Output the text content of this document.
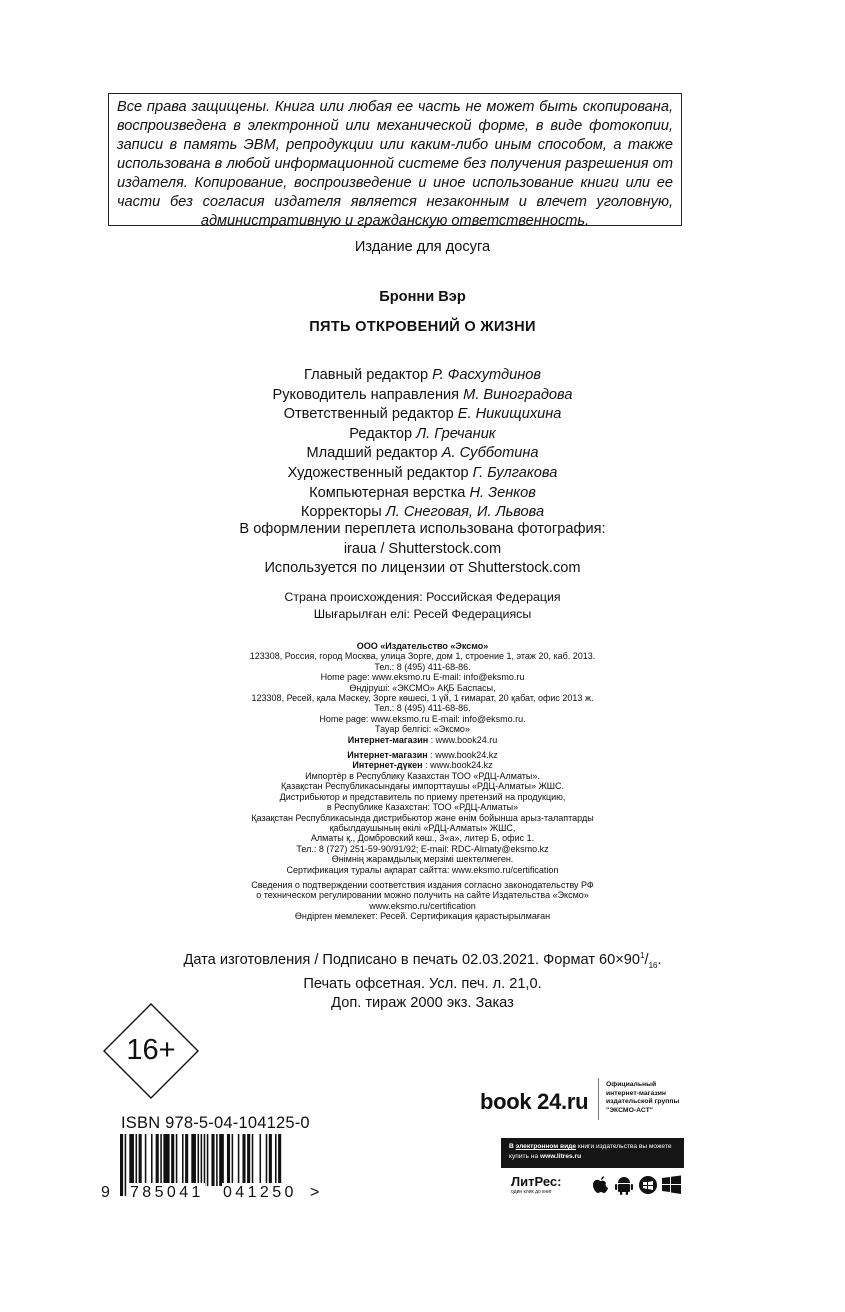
Все права защищены. Книга или любая ее часть не может быть скопирована, воспроизведена в электронной или механической форме, в виде фотокопии, записи в память ЭВМ, репродукции или каким-либо иным способом, а также использована в любой информационной системе без получения разрешения от издателя. Копирование, воспроизведение и иное использование книги или ее части без согласия издателя является незаконным и влечет уголовную, административную и гражданскую ответственность.
Издание для досуга
Бронни Вэр
ПЯТЬ ОТКРОВЕНИЙ О ЖИЗНИ
Главный редактор Р. Фасхутдинов
Руководитель направления М. Виноградова
Ответственный редактор Е. Никищихина
Редактор Л. Гречаник
Младший редактор А. Субботина
Художественный редактор Г. Булгакова
Компьютерная верстка Н. Зенков
Корректоры Л. Снеговая, И. Львова
В оформлении переплета использована фотография:
iraua / Shutterstock.com
Используется по лицензии от Shutterstock.com
Страна происхождения: Российская Федерация
Шығарылған елі: Ресей Федерациясы
ООО «Издательство «Эксмо»
123308, Россия, город Москва, улица Зорге, дом 1, строение 1, этаж 20, каб. 2013.
Тел.: 8 (495) 411-68-86.
Home page: www.eksmo.ru E-mail: info@eksmo.ru
Өндіруші: «ЭКСМО» АҚБ Баспасы,
123308, Ресей, қала Мәскеу, Зорге көшесі, 1 үй, 1 ғимарат, 20 қабат, офис 2013 ж.
Тел.: 8 (495) 411-68-86.
Home page: www.eksmo.ru E-mail: info@eksmo.ru.
Тауар белгісі: «Эксмо»
Интернет-магазин : www.book24.ru
Интернет-магазин : www.book24.kz
Интернет-дүкен : www.book24.kz
Импортёр в Республику Казахстан ТОО «РДЦ-Алматы».
Қазақстан Республикасындағы импорттаушы «РДЦ-Алматы» ЖШС.
Дистрибьютор и представитель по приему претензий на продукцию,
в Республике Казахстан: ТОО «РДЦ-Алматы»
Қазақстан Республикасында дистрибьютор және өнім бойынша арыз-талаптарды
қабылдаушының өкілі «РДЦ-Алматы» ЖШС,
Алматы қ., Домбровский көш., 3«а», литер Б, офис 1.
Тел.: 8 (727) 251-59-90/91/92; E-mail: RDC-Almaty@eksmo.kz
Өнімнің жарамдылық мерзімі шектелмеген.
Сертификация туралы ақпарат сайтта: www.eksmo.ru/certification
Сведения о подтверждении соответствия издания согласно законодательству РФ
о техническом регулировании можно получить на сайте Издательства «Эксмо»
www.eksmo.ru/certification
Өндірген мемлекет: Ресей. Сертификация қарастырылмаған
Дата изготовления / Подписано в печать 02.03.2021. Формат $60\times 90^1/_{16}$.
Печать офсетная. Усл. печ. л. 21,0.
Доп. тираж 2000 экз. Заказ
16+
ISBN 978-5-04-104125-0
9 785041 041250 >
book 24.ru
Официальный
интернет-магазин
издательской группы
"ЭКСМО-АСТ"
В электронном виде книги издательства вы можете
купить на www.litres.ru
ЛитРес:
один клик до книг
